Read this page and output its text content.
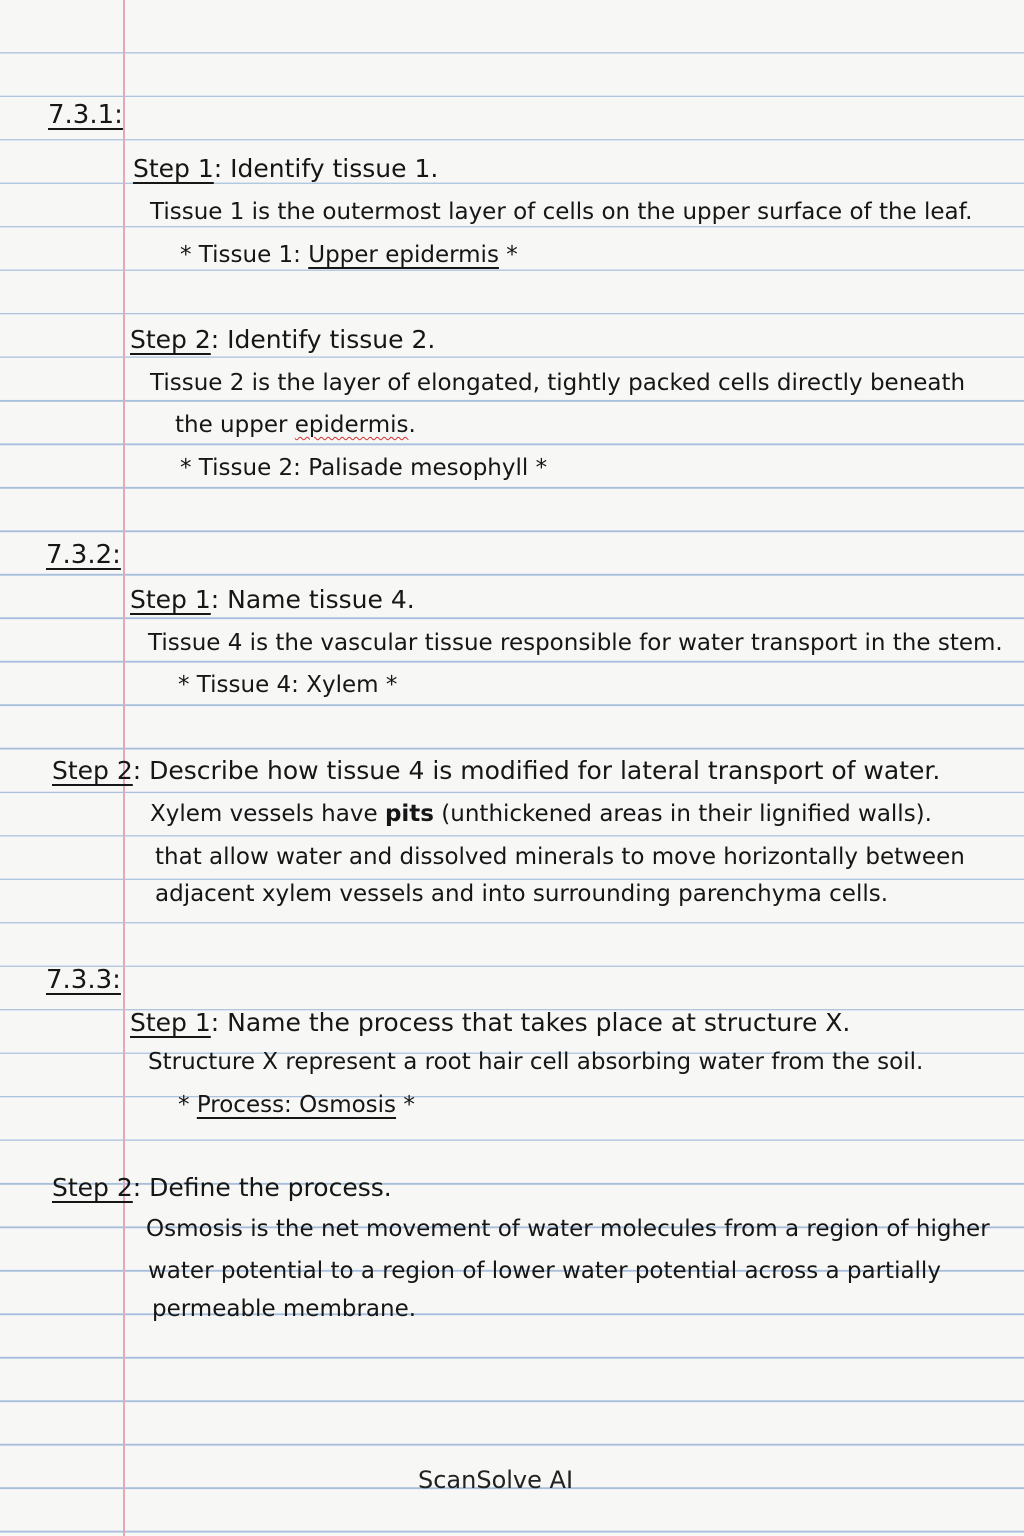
7.3.1:
Step 1: Identify tissue 1.
Tissue 1 is the outermost layer of cells on the upper surface of the leaf.
* Tissue 1: Upper epidermis *
Step 2: Identify tissue 2.
Tissue 2 is the layer of elongated, tightly packed cells directly beneath
the upper epidermis.
* Tissue 2: Palisade mesophyll *
7.3.2:
Step 1: Name tissue 4.
Tissue 4 is the vascular tissue responsible for water transport in the stem.
* Tissue 4: Xylem *
Step 2: Describe how tissue 4 is modified for lateral transport of water.
Xylem vessels have pits (unthickened areas in their lignified walls).
that allow water and dissolved minerals to move horizontally between
adjacent xylem vessels and into surrounding parenchyma cells.
7.3.3:
Step 1: Name the process that takes place at structure X.
Structure X represent a root hair cell absorbing water from the soil.
* Process: Osmosis *
Step 2: Define the process.
Osmosis is the net movement of water molecules from a region of higher
water potential to a region of lower water potential across a partially
permeable membrane.
ScanSolve AI
